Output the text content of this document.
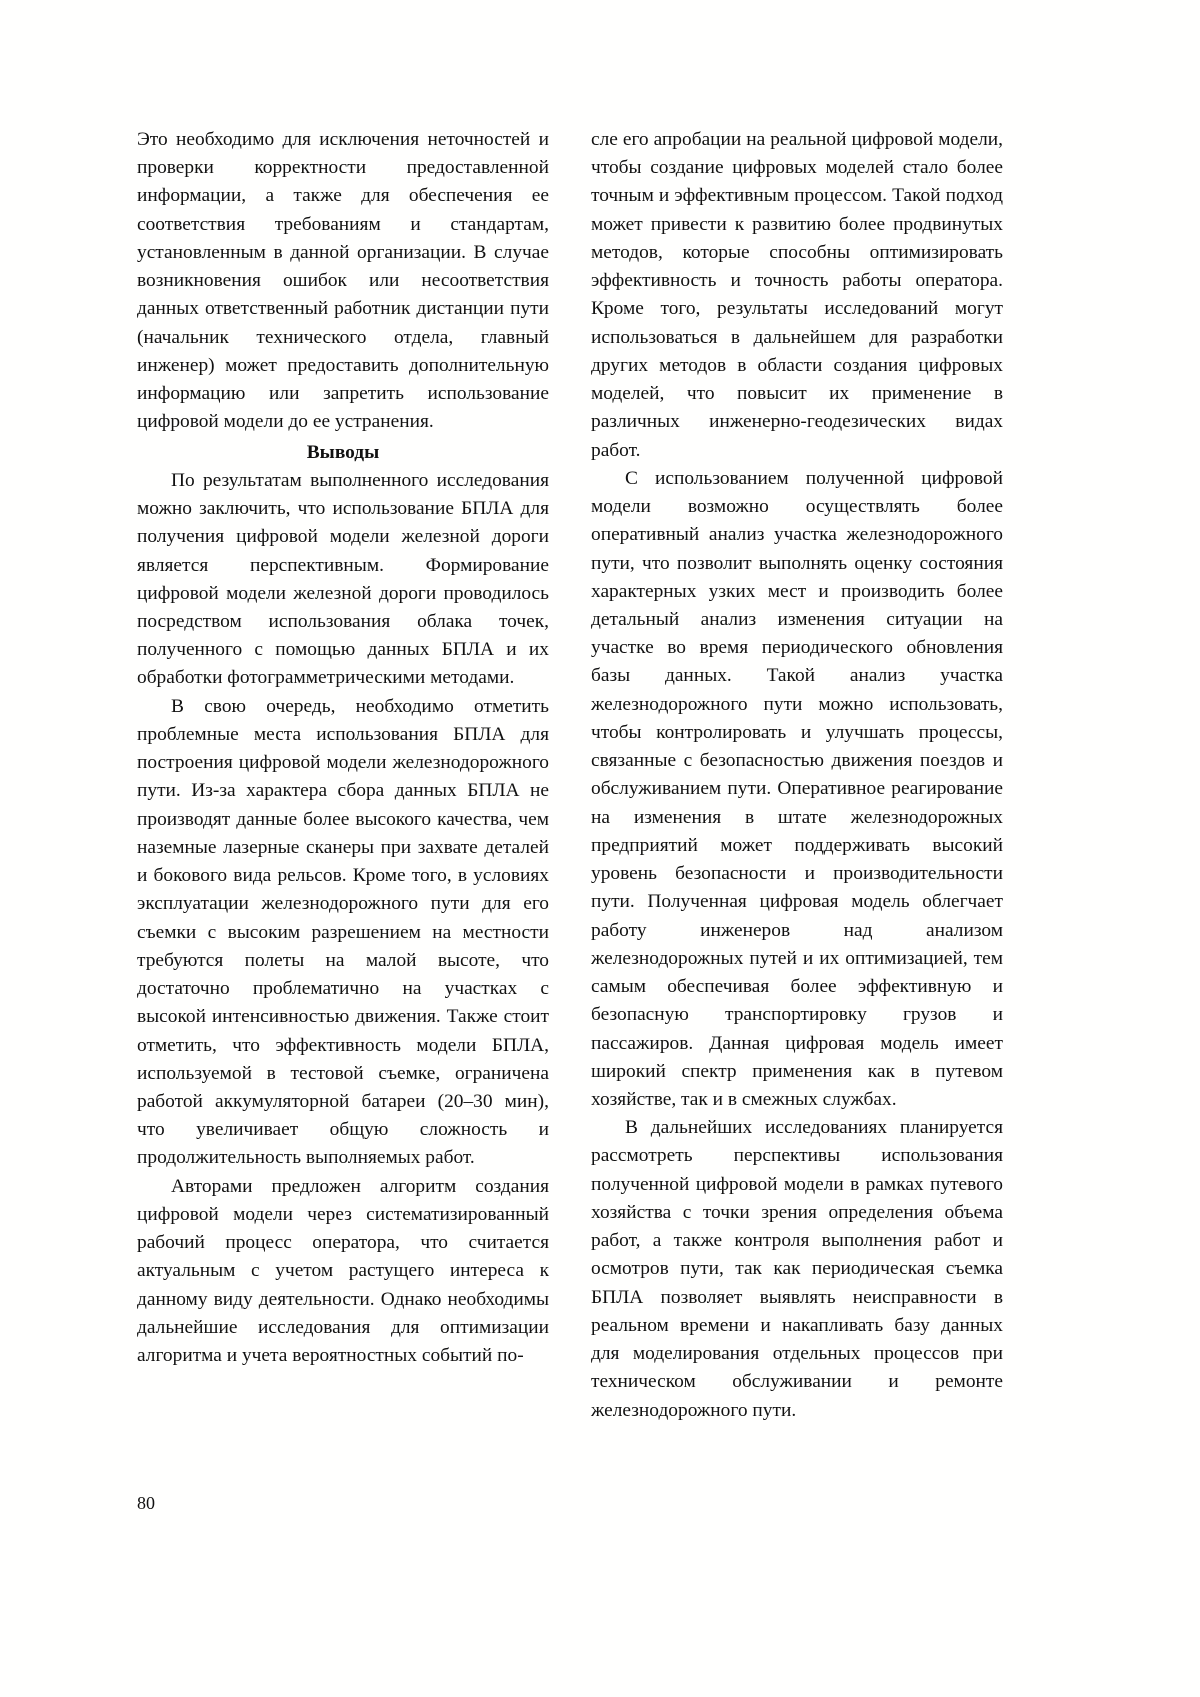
Это необходимо для исключения неточностей и проверки корректности предоставленной информации, а также для обеспечения ее соответствия требованиям и стандартам, установленным в данной организации. В случае возникновения ошибок или несоответствия данных ответственный работник дистанции пути (начальник технического отдела, главный инженер) может предоставить дополнительную информацию или запретить использование цифровой модели до ее устранения.

Выводы

По результатам выполненного исследования можно заключить, что использование БПЛА для получения цифровой модели железной дороги является перспективным. Формирование цифровой модели железной дороги проводилось посредством использования облака точек, полученного с помощью данных БПЛА и их обработки фотограмметрическими методами.

В свою очередь, необходимо отметить проблемные места использования БПЛА для построения цифровой модели железнодорожного пути. Из-за характера сбора данных БПЛА не производят данные более высокого качества, чем наземные лазерные сканеры при захвате деталей и бокового вида рельсов. Кроме того, в условиях эксплуатации железнодорожного пути для его съемки с высоким разрешением на местности требуются полеты на малой высоте, что достаточно проблематично на участках с высокой интенсивностью движения. Также стоит отметить, что эффективность модели БПЛА, используемой в тестовой съемке, ограничена работой аккумуляторной батареи (20–30 мин), что увеличивает общую сложность и продолжительность выполняемых работ.

Авторами предложен алгоритм создания цифровой модели через систематизированный рабочий процесс оператора, что считается актуальным с учетом растущего интереса к данному виду деятельности. Однако необходимы дальнейшие исследования для оптимизации алгоритма и учета вероятностных событий по-

сле его апробации на реальной цифровой модели, чтобы создание цифровых моделей стало более точным и эффективным процессом. Такой подход может привести к развитию более продвинутых методов, которые способны оптимизировать эффективность и точность работы оператора. Кроме того, результаты исследований могут использоваться в дальнейшем для разработки других методов в области создания цифровых моделей, что повысит их применение в различных инженерно-геодезических видах работ.

С использованием полученной цифровой модели возможно осуществлять более оперативный анализ участка железнодорожного пути, что позволит выполнять оценку состояния характерных узких мест и производить более детальный анализ изменения ситуации на участке во время периодического обновления базы данных. Такой анализ участка железнодорожного пути можно использовать, чтобы контролировать и улучшать процессы, связанные с безопасностью движения поездов и обслуживанием пути. Оперативное реагирование на изменения в штате железнодорожных предприятий может поддерживать высокий уровень безопасности и производительности пути. Полученная цифровая модель облегчает работу инженеров над анализом железнодорожных путей и их оптимизацией, тем самым обеспечивая более эффективную и безопасную транспортировку грузов и пассажиров. Данная цифровая модель имеет широкий спектр применения как в путевом хозяйстве, так и в смежных службах.

В дальнейших исследованиях планируется рассмотреть перспективы использования полученной цифровой модели в рамках путевого хозяйства с точки зрения определения объема работ, а также контроля выполнения работ и осмотров пути, так как периодическая съемка БПЛА позволяет выявлять неисправности в реальном времени и накапливать базу данных для моделирования отдельных процессов при техническом обслуживании и ремонте железнодорожного пути.

80
